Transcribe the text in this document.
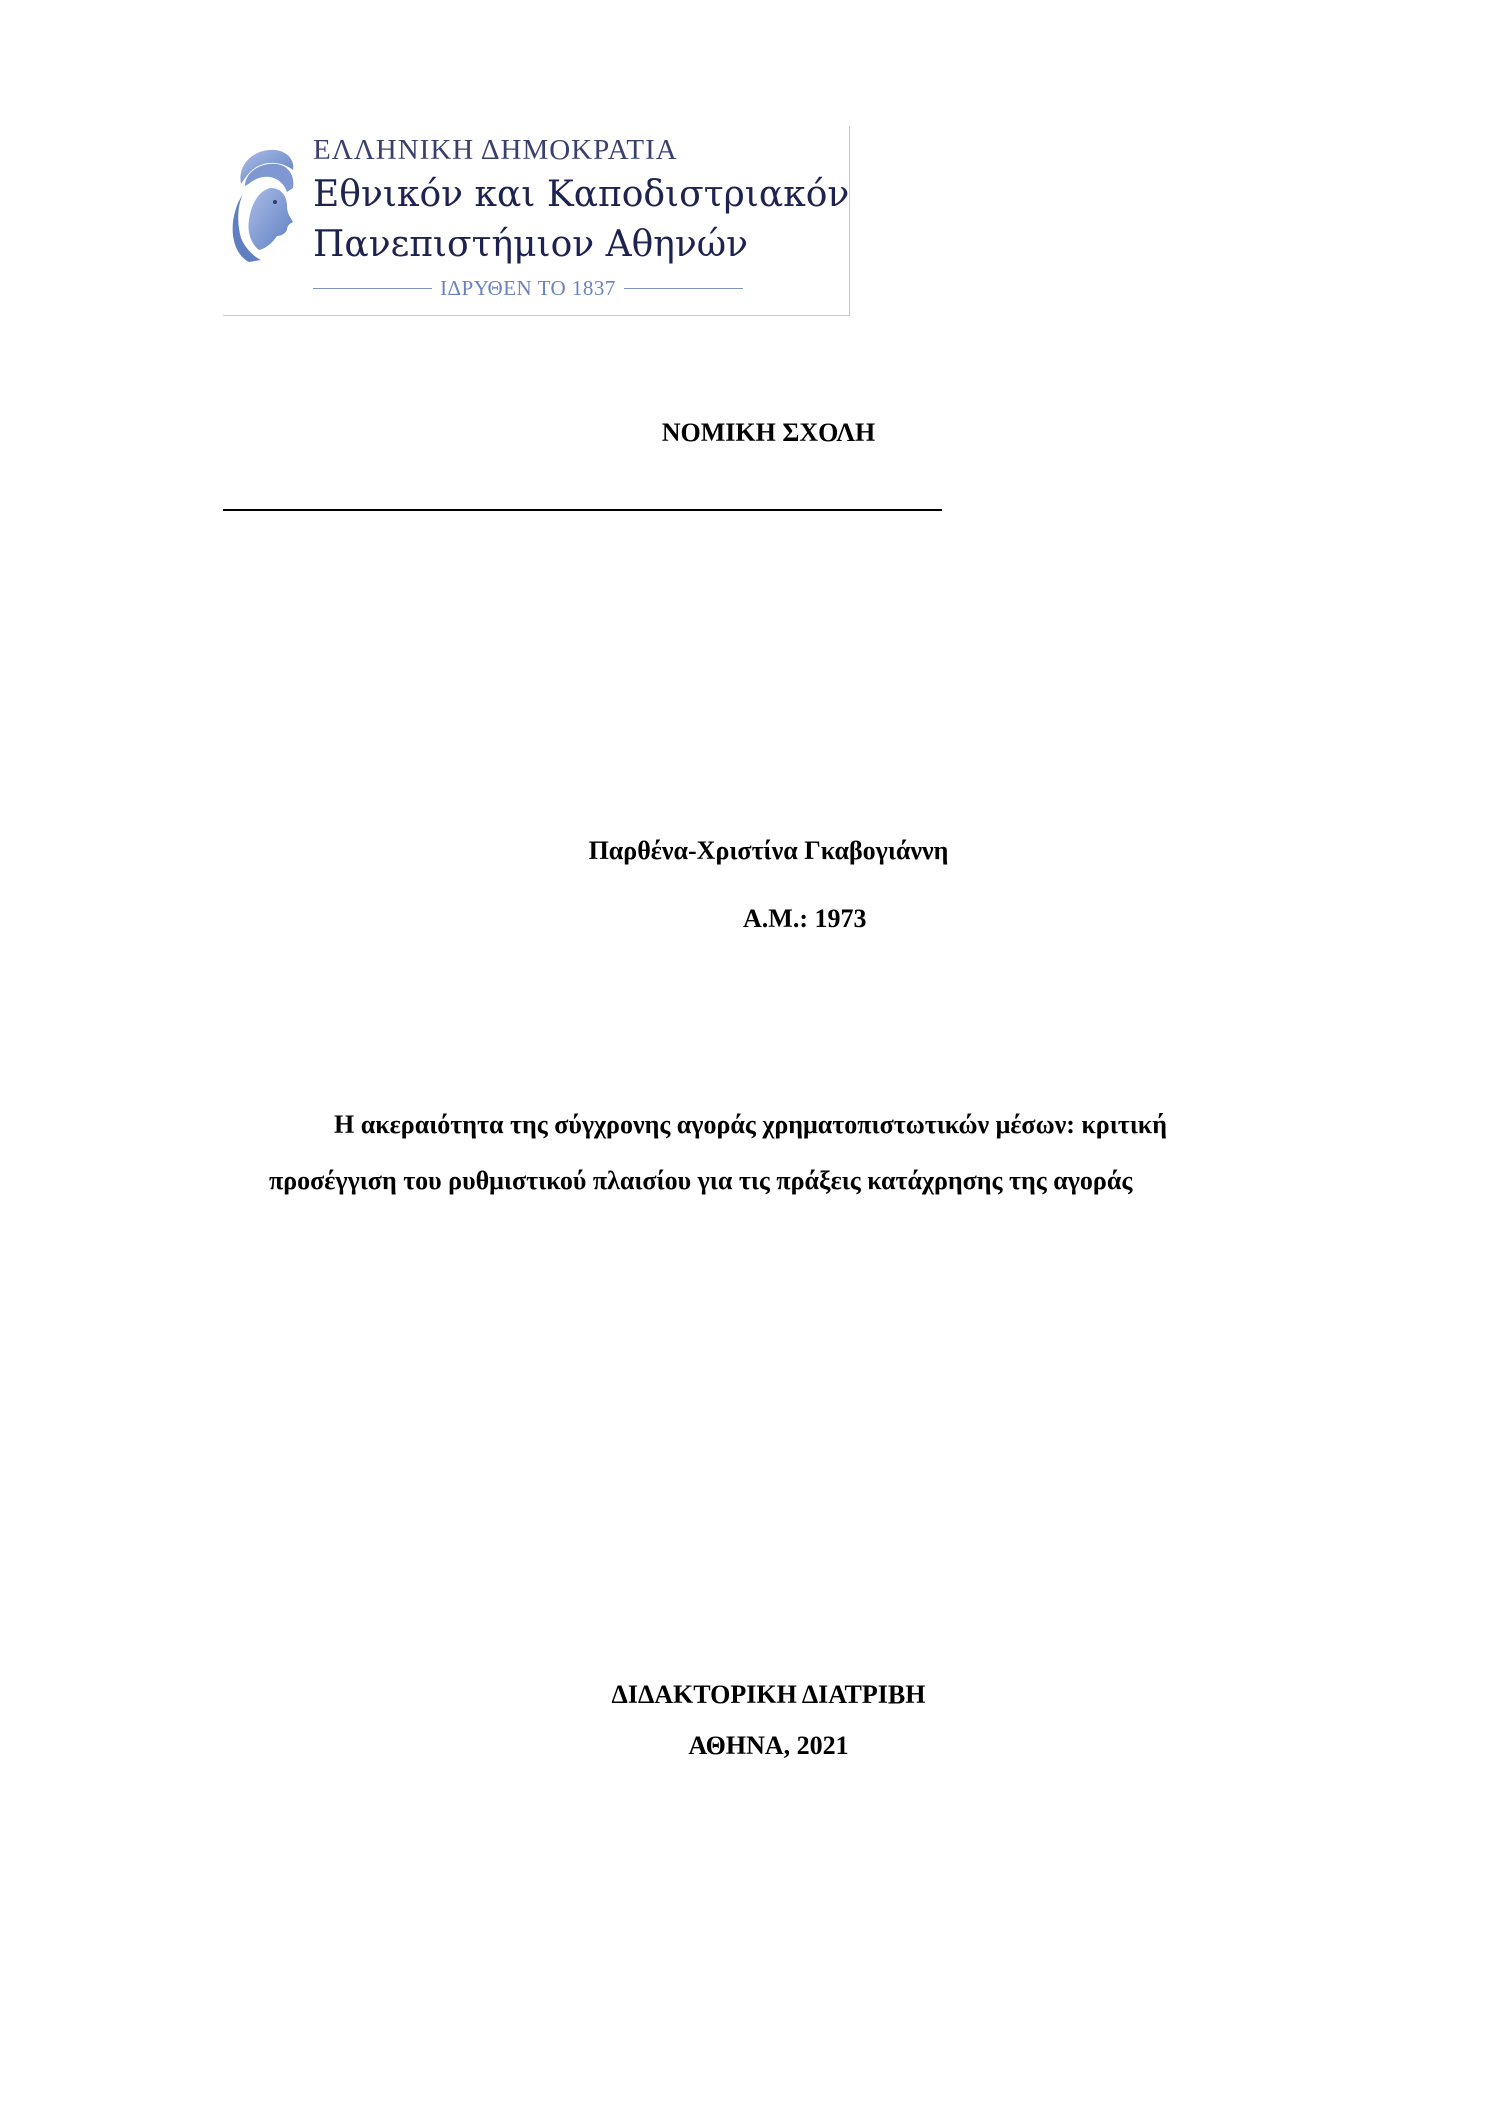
ΕΛΛΗΝΙΚΗ ΔΗΜΟΚΡΑΤΙΑ
Εθνικόν και Καποδιστριακόν
Πανεπιστήμιον Αθηνών
ΙΔΡΥΘΕΝ ΤΟ 1837
ΝΟΜΙΚΗ ΣΧΟΛΗ
Παρθένα-Χριστίνα Γκαβογιάννη
Α.Μ.: 1973
Η ακεραιότητα της σύγχρονης αγοράς χρηματοπιστωτικών μέσων: κριτική
προσέγγιση του ρυθμιστικού πλαισίου για τις πράξεις κατάχρησης της αγοράς
ΔΙΔΑΚΤΟΡΙΚΗ ΔΙΑΤΡΙΒΗ
ΑΘΗΝΑ, 2021
